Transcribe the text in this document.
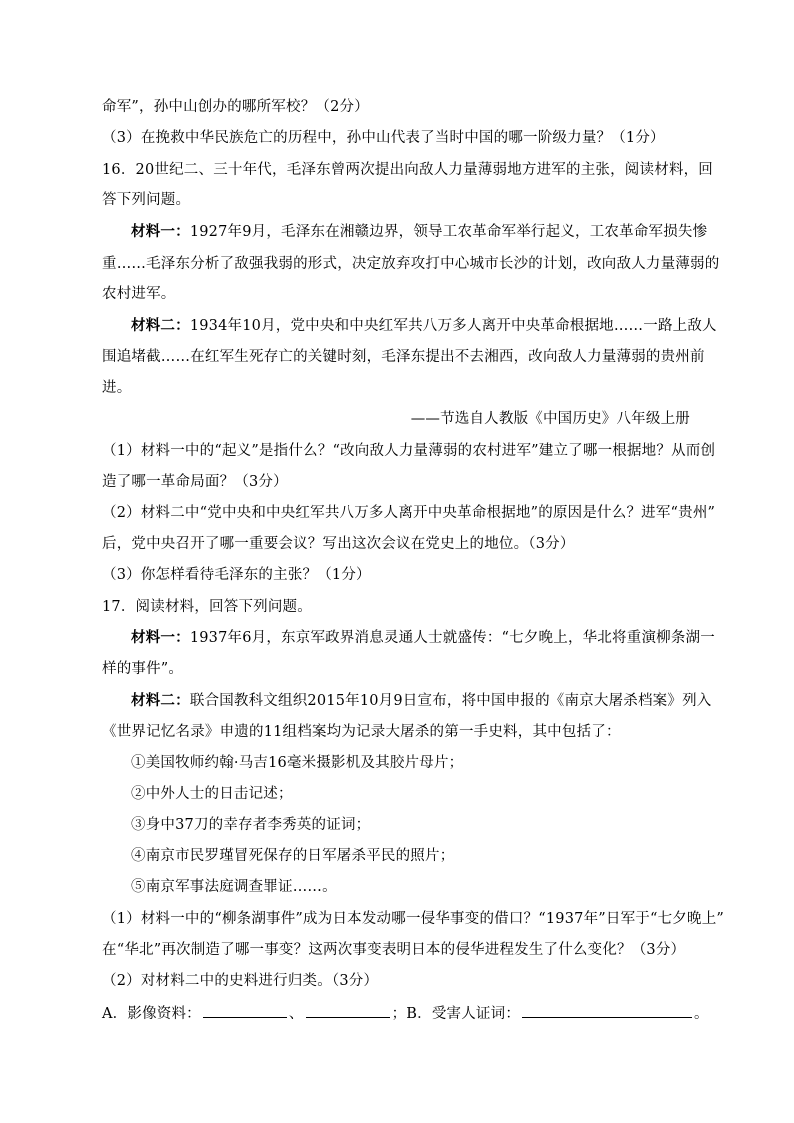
命军”，孙中山创办的哪所军校？（2分）
（3）在挽救中华民族危亡的历程中，孙中山代表了当时中国的哪一阶级力量？（1分）
16．20世纪二、三十年代，毛泽东曾两次提出向敌人力量薄弱地方进军的主张，阅读材料，回
答下列问题。
材料一：1927年9月，毛泽东在湘赣边界，领导工农革命军举行起义，工农革命军损失惨
重……毛泽东分析了敌强我弱的形式，决定放弃攻打中心城市长沙的计划，改向敌人力量薄弱的
农村进军。
材料二：1934年10月，党中央和中央红军共八万多人离开中央革命根据地……一路上敌人
围追堵截……在红军生死存亡的关键时刻，毛泽东提出不去湘西，改向敌人力量薄弱的贵州前
进。
——节选自人教版《中国历史》八年级上册
（1）材料一中的“起义”是指什么？“改向敌人力量薄弱的农村进军”建立了哪一根据地？从而创
造了哪一革命局面？（3分）
（2）材料二中“党中央和中央红军共八万多人离开中央革命根据地”的原因是什么？进军“贵州”
后，党中央召开了哪一重要会议？写出这次会议在党史上的地位。（3分）
（3）你怎样看待毛泽东的主张？（1分）
17．阅读材料，回答下列问题。
材料一：1937年6月，东京军政界消息灵通人士就盛传：“七夕晚上，华北将重演柳条湖一
样的事件”。
材料二：联合国教科文组织2015年10月9日宣布，将中国申报的《南京大屠杀档案》列入
《世界记忆名录》申遗的11组档案均为记录大屠杀的第一手史料，其中包括了：
①美国牧师约翰·马吉16毫米摄影机及其胶片母片；
②中外人士的日击记述；
③身中37刀的幸存者李秀英的证词；
④南京市民罗瑾冒死保存的日军屠杀平民的照片；
⑤南京军事法庭调查罪证……。
（1）材料一中的“柳条湖事件”成为日本发动哪一侵华事变的借口？“1937年”日军于“七夕晚上”
在“华北”再次制造了哪一事变？这两次事变表明日本的侵华进程发生了什么变化？（3分）
（2）对材料二中的史料进行归类。（3分）
A．影像资料：	、	；B．受害人证词：	。
